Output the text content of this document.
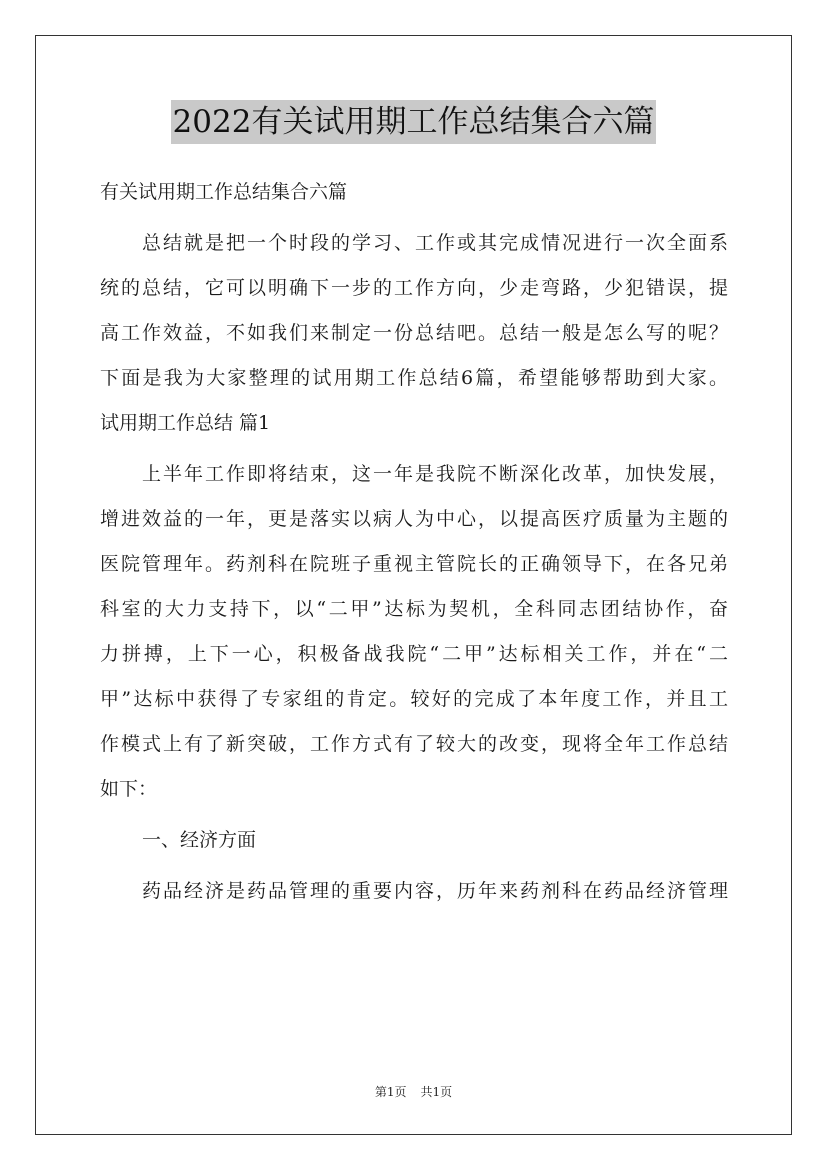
2022有关试用期工作总结集合六篇
有关试用期工作总结集合六篇
总结就是把一个时段的学习、工作或其完成情况进行一次全面系
统的总结，它可以明确下一步的工作方向，少走弯路，少犯错误，提
高工作效益，不如我们来制定一份总结吧。总结一般是怎么写的呢？
下面是我为大家整理的试用期工作总结6篇，希望能够帮助到大家。
试用期工作总结 篇1
上半年工作即将结束，这一年是我院不断深化改革，加快发展，
增进效益的一年，更是落实以病人为中心，以提高医疗质量为主题的
医院管理年。药剂科在院班子重视主管院长的正确领导下，在各兄弟
科室的大力支持下，以“二甲”达标为契机，全科同志团结协作，奋
力拼搏，上下一心，积极备战我院“二甲”达标相关工作，并在“二
甲”达标中获得了专家组的肯定。较好的完成了本年度工作，并且工
作模式上有了新突破，工作方式有了较大的改变，现将全年工作总结
如下：
一、经济方面
药品经济是药品管理的重要内容，历年来药剂科在药品经济管理
第1页 共1页
